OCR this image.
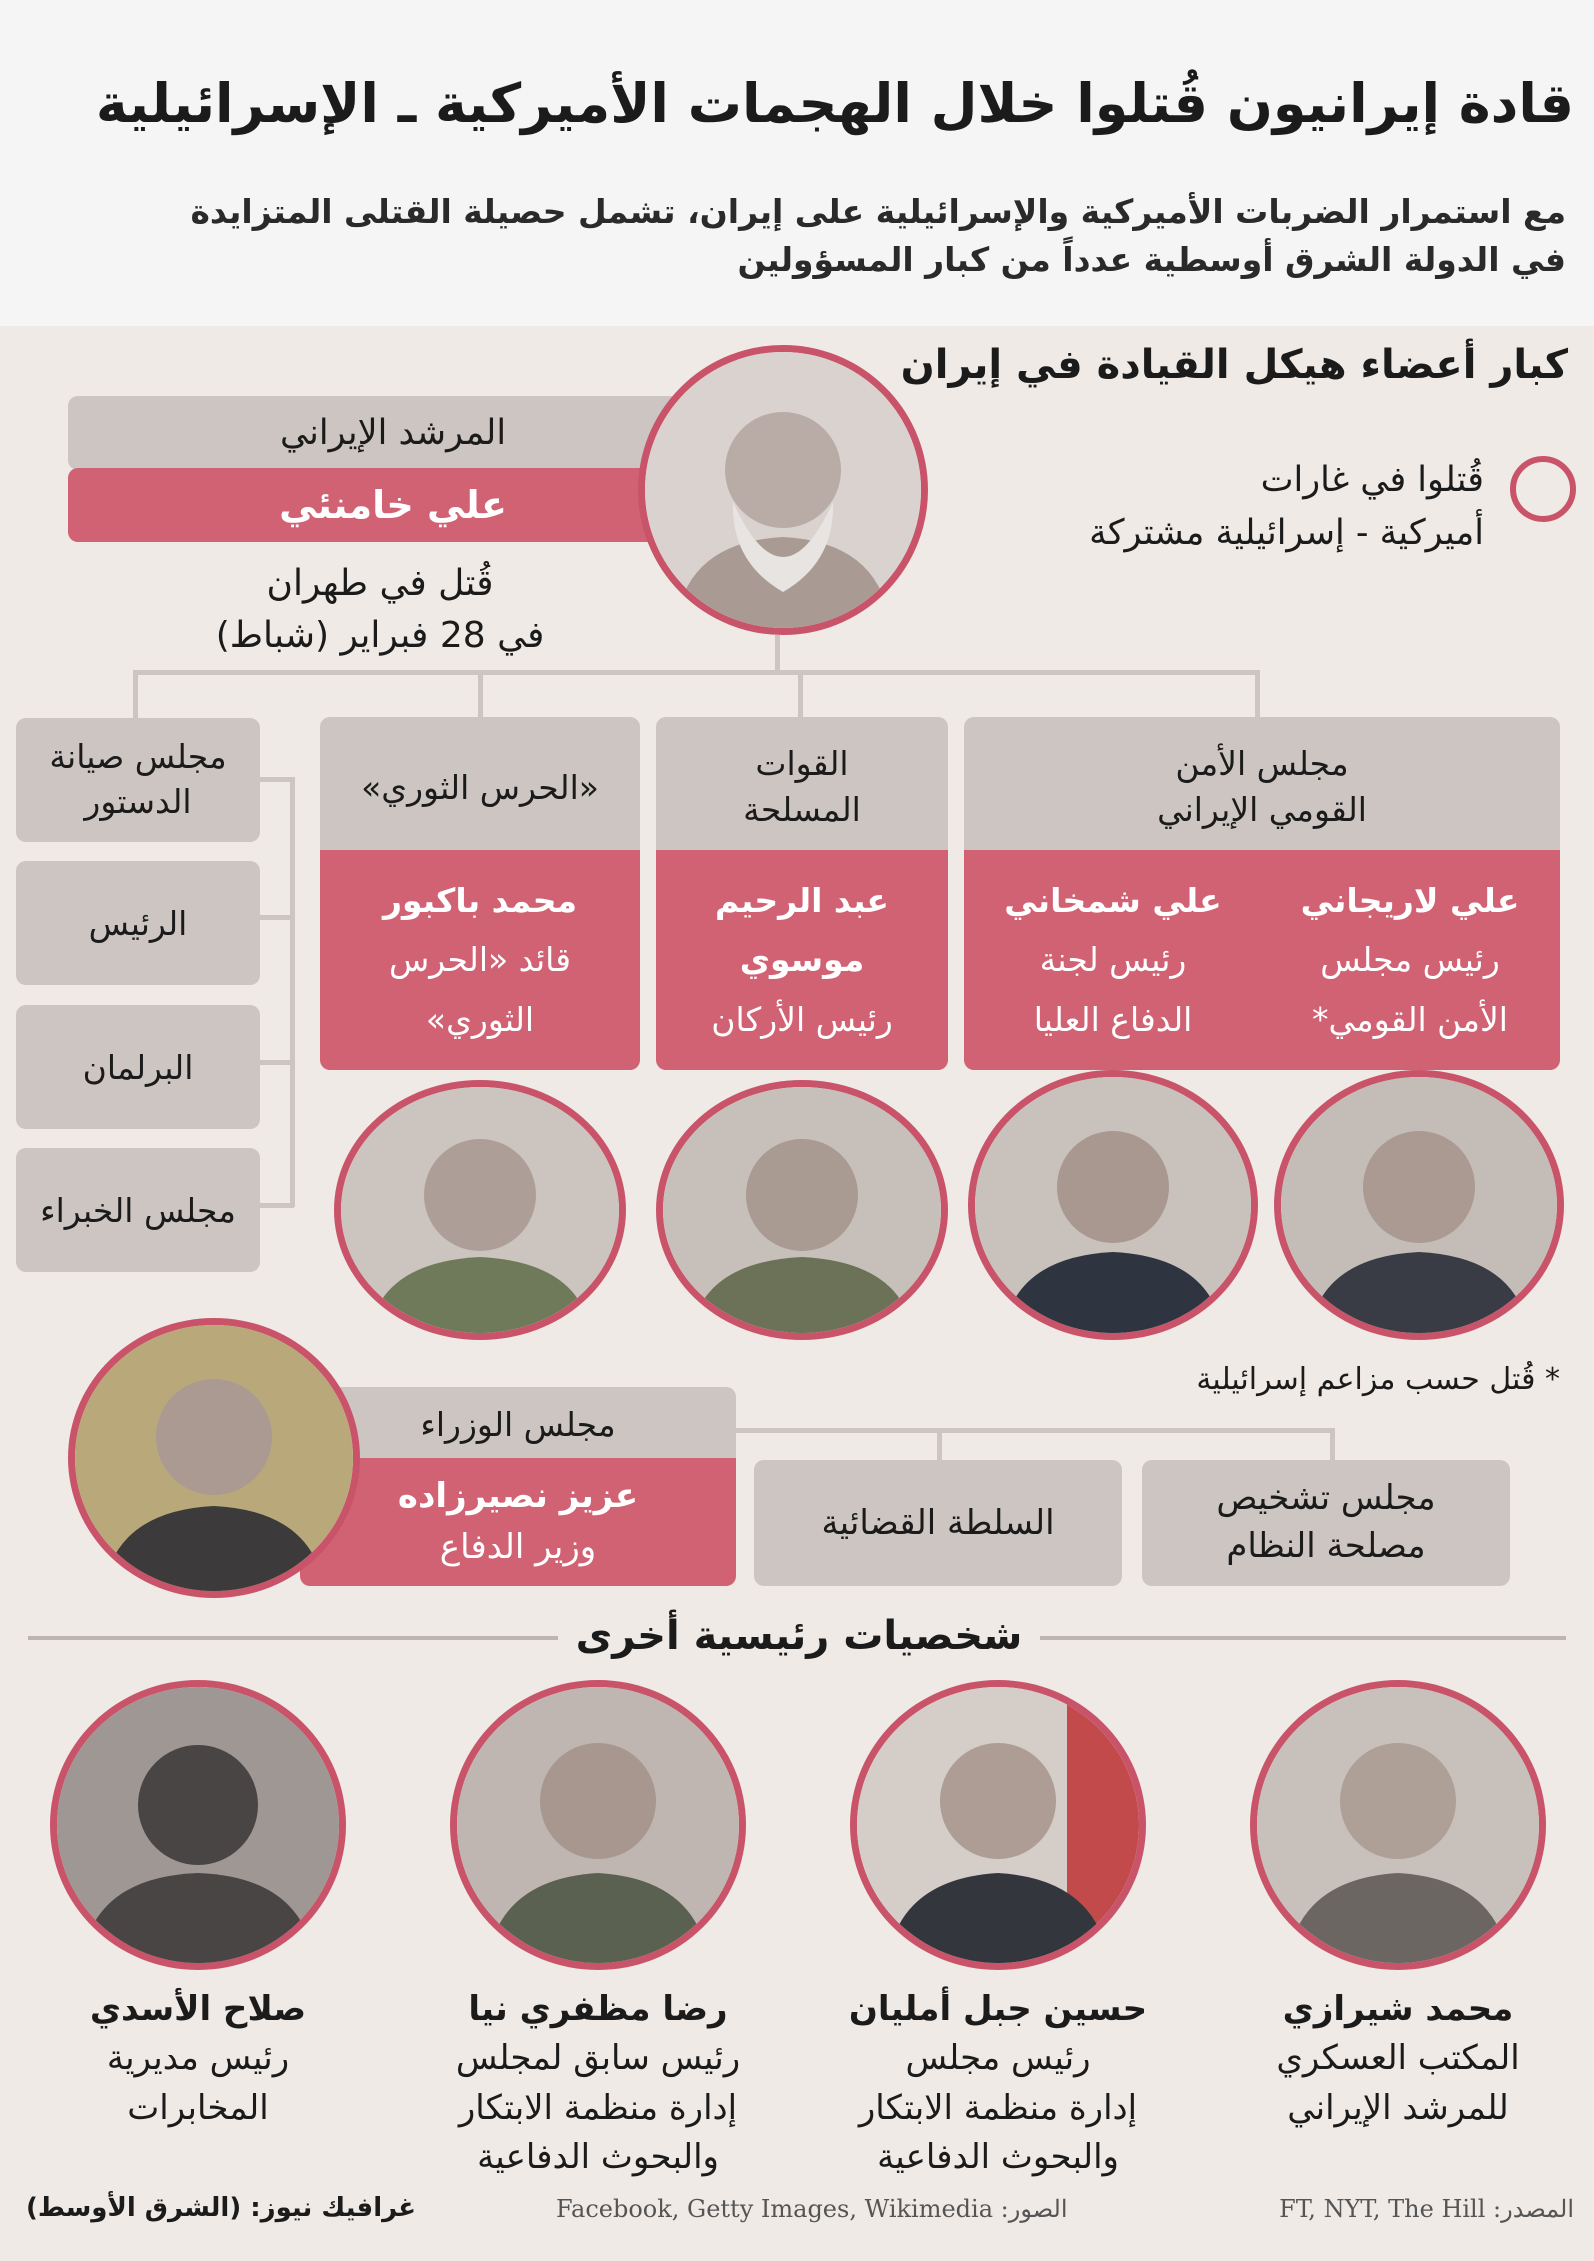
قادة إيرانيون قُتلوا خلال الهجمات الأميركية ـ الإسرائيلية
مع استمرار الضربات الأميركية والإسرائيلية على إيران، تشمل حصيلة القتلى المتزايدة
في الدولة الشرق أوسطية عدداً من كبار المسؤولين
كبار أعضاء هيكل القيادة في إيران
قُتلوا في غارات
أميركية - إسرائيلية مشتركة
المرشد الإيراني
علي خامنئي
قُتل في طهران
في 28 فبراير (شباط)
مجلس صيانة الدستور
الرئيس
البرلمان
مجلس الخبراء
«الحرس الثوري»
محمد باكبور
قائد «الحرس
الثوري»
القوات
المسلحة
عبد الرحيم
موسوي
رئيس الأركان
مجلس الأمن
القومي الإيراني
علي شمخاني
رئيس لجنة
الدفاع العليا
علي لاريجاني
رئيس مجلس
الأمن القومي*
* قُتل حسب مزاعم إسرائيلية
مجلس الوزراء
عزيز نصيرزاده
وزير الدفاع
السلطة القضائية
مجلس تشخيص
مصلحة النظام
شخصيات رئيسية أخرى
محمد شيرازي
المكتب العسكري
للمرشد الإيراني
حسين جبل أمليان
رئيس مجلس
إدارة منظمة الابتكار
والبحوث الدفاعية
رضا مظفري نيا
رئيس سابق لمجلس
إدارة منظمة الابتكار
والبحوث الدفاعية
صلاح الأسدي
رئيس مديرية
المخابرات
المصدر: FT, NYT, The Hill
الصور: Facebook, Getty Images, Wikimedia
غرافيك نيوز: (الشرق الأوسط)
